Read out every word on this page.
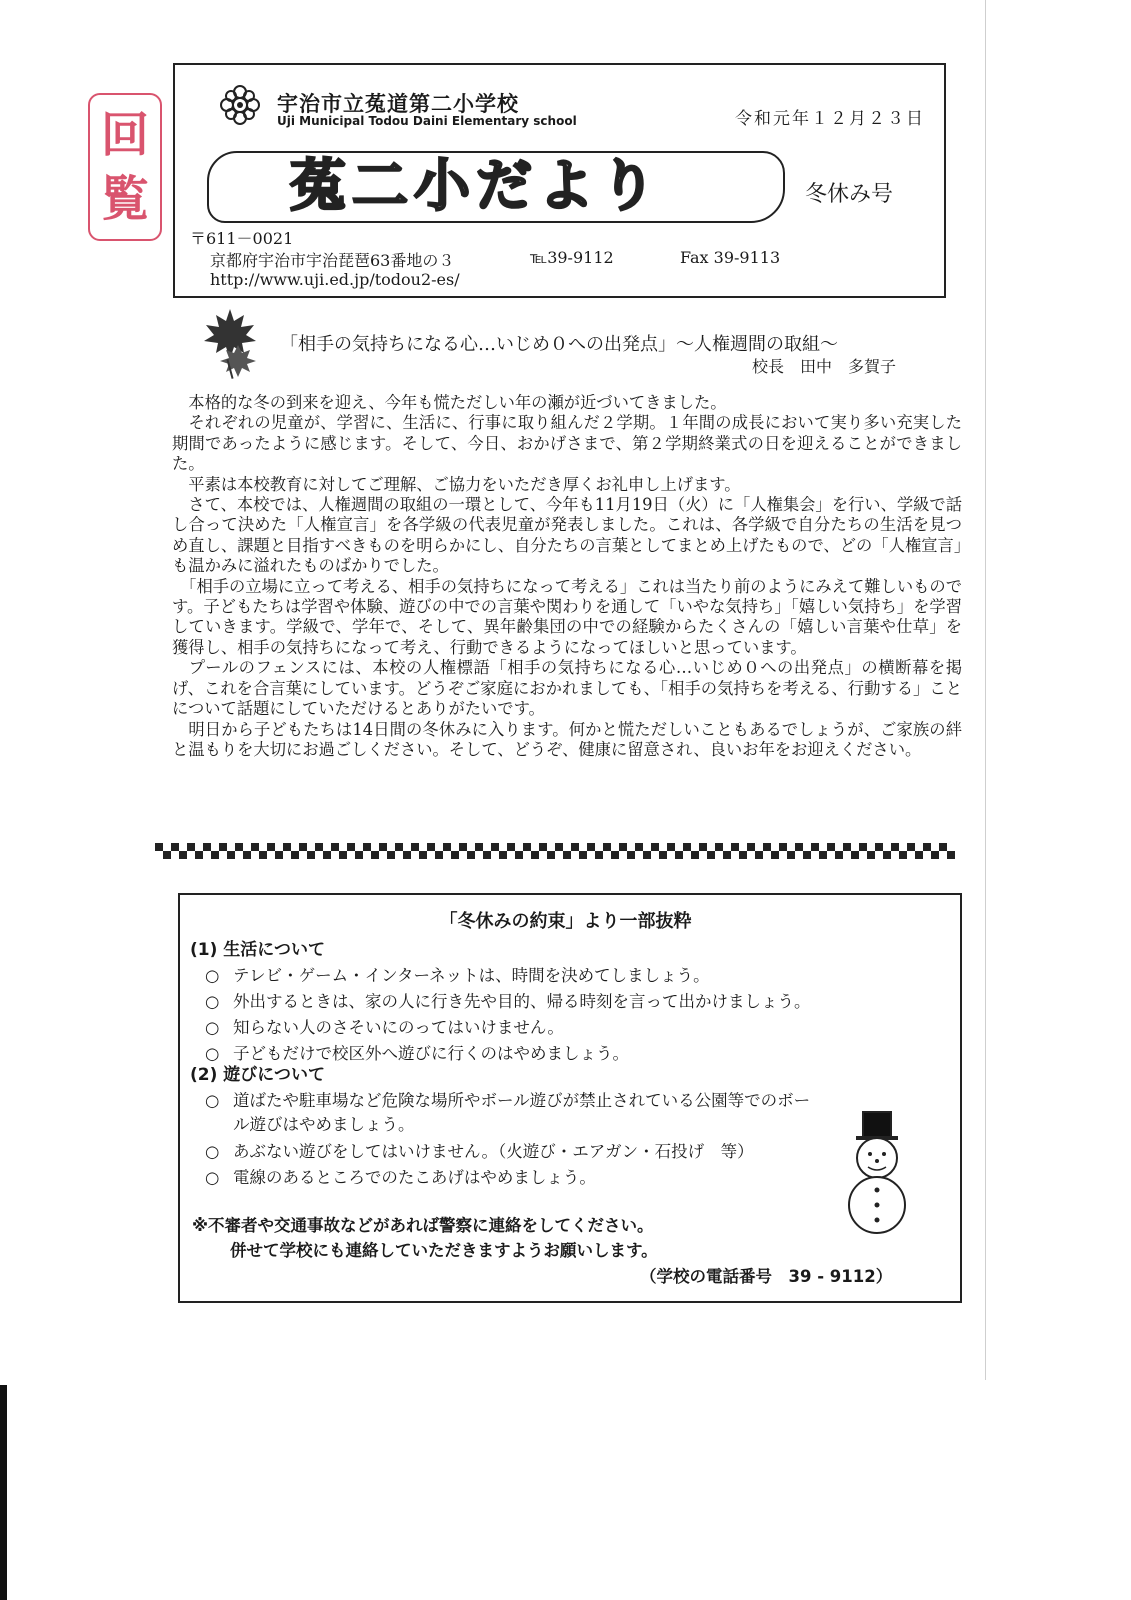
回
覧
宇治市立菟道第二小学校
Uji Municipal Todou Daini Elementary school	令和元年１２月２３日
菟二小だより	冬休み号
〒611－0021
京都府宇治市宇治琵琶63番地の３	℡39-9112	Fax 39-9113
http://www.uji.ed.jp/todou2-es/
「相手の気持ちになる心…いじめ０への出発点」～人権週間の取組～
校長　田中　多賀子

　本格的な冬の到来を迎え、今年も慌ただしい年の瀬が近づいてきました。

　それぞれの児童が、学習に、生活に、行事に取り組んだ２学期。１年間の成長において実り多い充実した期間であったように感じます。そして、今日、おかげさまで、第２学期終業式の日を迎えることができました。

　平素は本校教育に対してご理解、ご協力をいただき厚くお礼申し上げます。

　さて、本校では、人権週間の取組の一環として、今年も11月19日（火）に「人権集会」を行い、学級で話し合って決めた「人権宣言」を各学級の代表児童が発表しました。これは、各学級で自分たちの生活を見つめ直し、課題と目指すべきものを明らかにし、自分たちの言葉としてまとめ上げたもので、どの「人権宣言」も温かみに溢れたものばかりでした。

　「相手の立場に立って考える、相手の気持ちになって考える」これは当たり前のようにみえて難しいものです。子どもたちは学習や体験、遊びの中での言葉や関わりを通して「いやな気持ち」「嬉しい気持ち」を学習していきます。学級で、学年で、そして、異年齢集団の中での経験からたくさんの「嬉しい言葉や仕草」を獲得し、相手の気持ちになって考え、行動できるようになってほしいと思っています。

　プールのフェンスには、本校の人権標語「相手の気持ちになる心…いじめ０への出発点」の横断幕を掲げ、これを合言葉にしています。どうぞご家庭におかれましても、「相手の気持ちを考える、行動する」ことについて話題にしていただけるとありがたいです。

　明日から子どもたちは14日間の冬休みに入ります。何かと慌ただしいこともあるでしょうが、ご家族の絆と温もりを大切にお過ごしください。そして、どうぞ、健康に留意され、良いお年をお迎えください。

「冬休みの約束」より一部抜粋
(1) 生活について
○ テレビ・ゲーム・インターネットは、時間を決めてしましょう。
○ 外出するときは、家の人に行き先や目的、帰る時刻を言って出かけましょう。
○ 知らない人のさそいにのってはいけません。
○ 子どもだけで校区外へ遊びに行くのはやめましょう。
(2) 遊びについて
○ 道ばたや駐車場など危険な場所やボール遊びが禁止されている公園等でのボー
ル遊びはやめましょう。
○ あぶない遊びをしてはいけません。（火遊び・エアガン・石投げ　等）
○ 電線のあるところでのたこあげはやめましょう。
※不審者や交通事故などがあれば警察に連絡をしてください。
併せて学校にも連絡していただきますようお願いします。
（学校の電話番号　39 - 9112）
